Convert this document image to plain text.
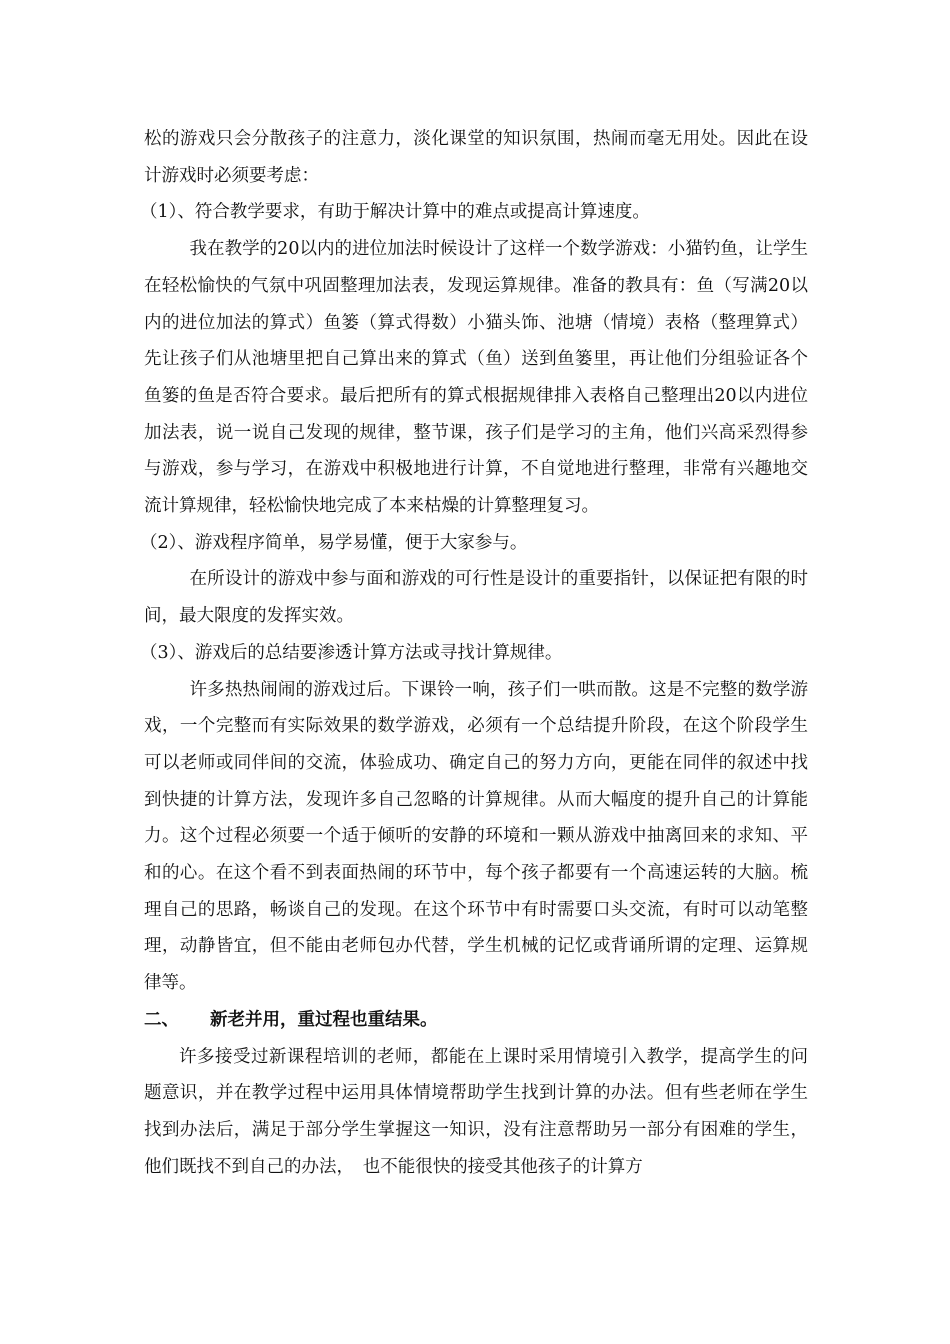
松的游戏只会分散孩子的注意力，淡化课堂的知识氛围，热闹而毫无用处。因此在设计游戏时必须要考虑：

（1）、符合教学要求，有助于解决计算中的难点或提高计算速度。

我在教学的20以内的进位加法时候设计了这样一个数学游戏：小猫钓鱼，让学生在轻松愉快的气氛中巩固整理加法表，发现运算规律。准备的教具有：鱼（写满20以内的进位加法的算式）鱼篓（算式得数）小猫头饰、池塘（情境）表格（整理算式）先让孩子们从池塘里把自己算出来的算式（鱼）送到鱼篓里，再让他们分组验证各个鱼篓的鱼是否符合要求。最后把所有的算式根据规律排入表格自己整理出20以内进位加法表，说一说自己发现的规律，整节课，孩子们是学习的主角，他们兴高采烈得参与游戏，参与学习，在游戏中积极地进行计算，不自觉地进行整理，非常有兴趣地交流计算规律，轻松愉快地完成了本来枯燥的计算整理复习。

（2）、游戏程序简单，易学易懂，便于大家参与。

在所设计的游戏中参与面和游戏的可行性是设计的重要指针，以保证把有限的时间，最大限度的发挥实效。

（3）、游戏后的总结要渗透计算方法或寻找计算规律。

许多热热闹闹的游戏过后。下课铃一响，孩子们一哄而散。这是不完整的数学游戏，一个完整而有实际效果的数学游戏，必须有一个总结提升阶段，在这个阶段学生可以老师或同伴间的交流，体验成功、确定自己的努力方向，更能在同伴的叙述中找到快捷的计算方法，发现许多自己忽略的计算规律。从而大幅度的提升自己的计算能力。这个过程必须要一个适于倾听的安静的环境和一颗从游戏中抽离回来的求知、平和的心。在这个看不到表面热闹的环节中，每个孩子都要有一个高速运转的大脑。梳理自己的思路，畅谈自己的发现。在这个环节中有时需要口头交流，有时可以动笔整理，动静皆宜，但不能由老师包办代替，学生机械的记忆或背诵所谓的定理、运算规律等。

二、 新老并用，重过程也重结果。

许多接受过新课程培训的老师，都能在上课时采用情境引入教学，提高学生的问题意识，并在教学过程中运用具体情境帮助学生找到计算的办法。但有些老师在学生找到办法后，满足于部分学生掌握这一知识，没有注意帮助另一部分有困难的学生，他们既找不到自己的办法，　也不能很快的接受其他孩子的计算方
